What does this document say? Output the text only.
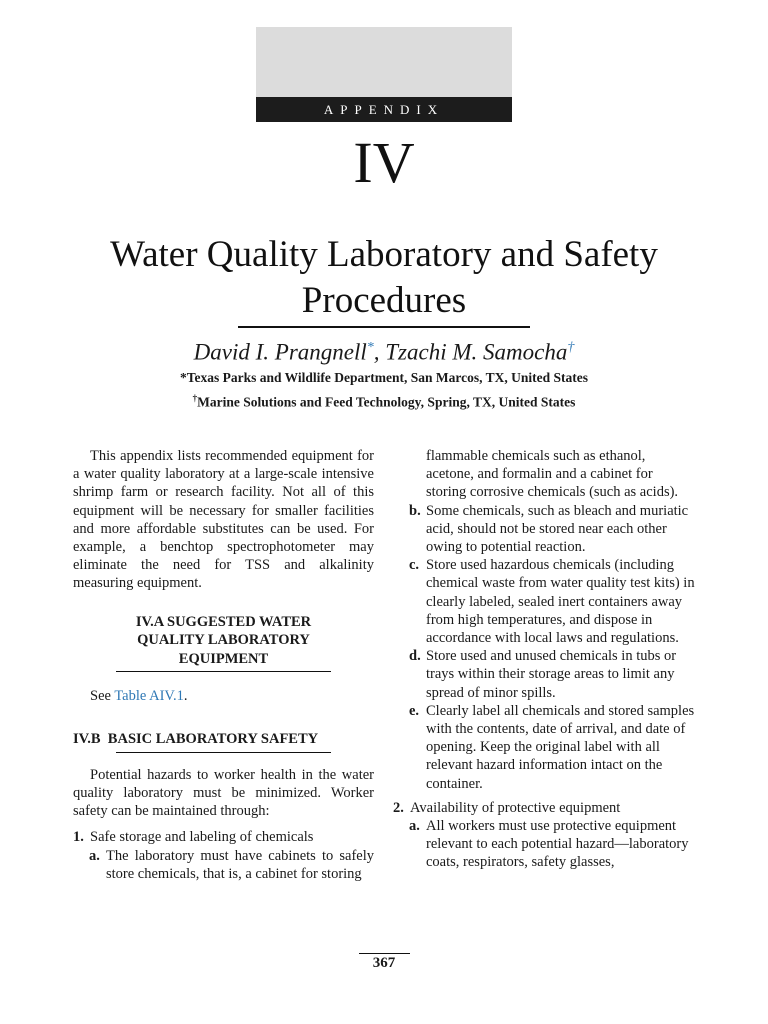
APPENDIX
IV
Water Quality Laboratory and Safety
Procedures
David I. Prangnell*, Tzachi M. Samocha†
*Texas Parks and Wildlife Department, San Marcos, TX, United States
†Marine Solutions and Feed Technology, Spring, TX, United States

This appendix lists recommended equipment for a water quality laboratory at a large-scale intensive shrimp farm or research facility. Not all of this equipment will be necessary for smaller facilities and more affordable substitutes can be used. For example, a benchtop spectrophotometer may eliminate the need for TSS and alkalinity measuring equipment.

IV.A SUGGESTED WATER
QUALITY LABORATORY
EQUIPMENT

See Table AIV.1.

IV.B BASIC LABORATORY SAFETY

Potential hazards to worker health in the water quality laboratory must be minimized. Worker safety can be maintained through:

1. Safe storage and labeling of chemicals
a. The laboratory must have cabinets to safely store chemicals, that is, a cabinet for storing

flammable chemicals such as ethanol, acetone, and formalin and a cabinet for storing corrosive chemicals (such as acids).

b. Some chemicals, such as bleach and muriatic acid, should not be stored near each other owing to potential reaction.
c. Store used hazardous chemicals (including chemical waste from water quality test kits) in clearly labeled, sealed inert containers away from high temperatures, and dispose in accordance with local laws and regulations.
d. Store used and unused chemicals in tubs or trays within their storage areas to limit any spread of minor spills.
e. Clearly label all chemicals and stored samples with the contents, date of arrival, and date of opening. Keep the original label with all relevant hazard information intact on the container.
2. Availability of protective equipment
a. All workers must use protective equipment relevant to each potential hazard—laboratory coats, respirators, safety glasses,
367
